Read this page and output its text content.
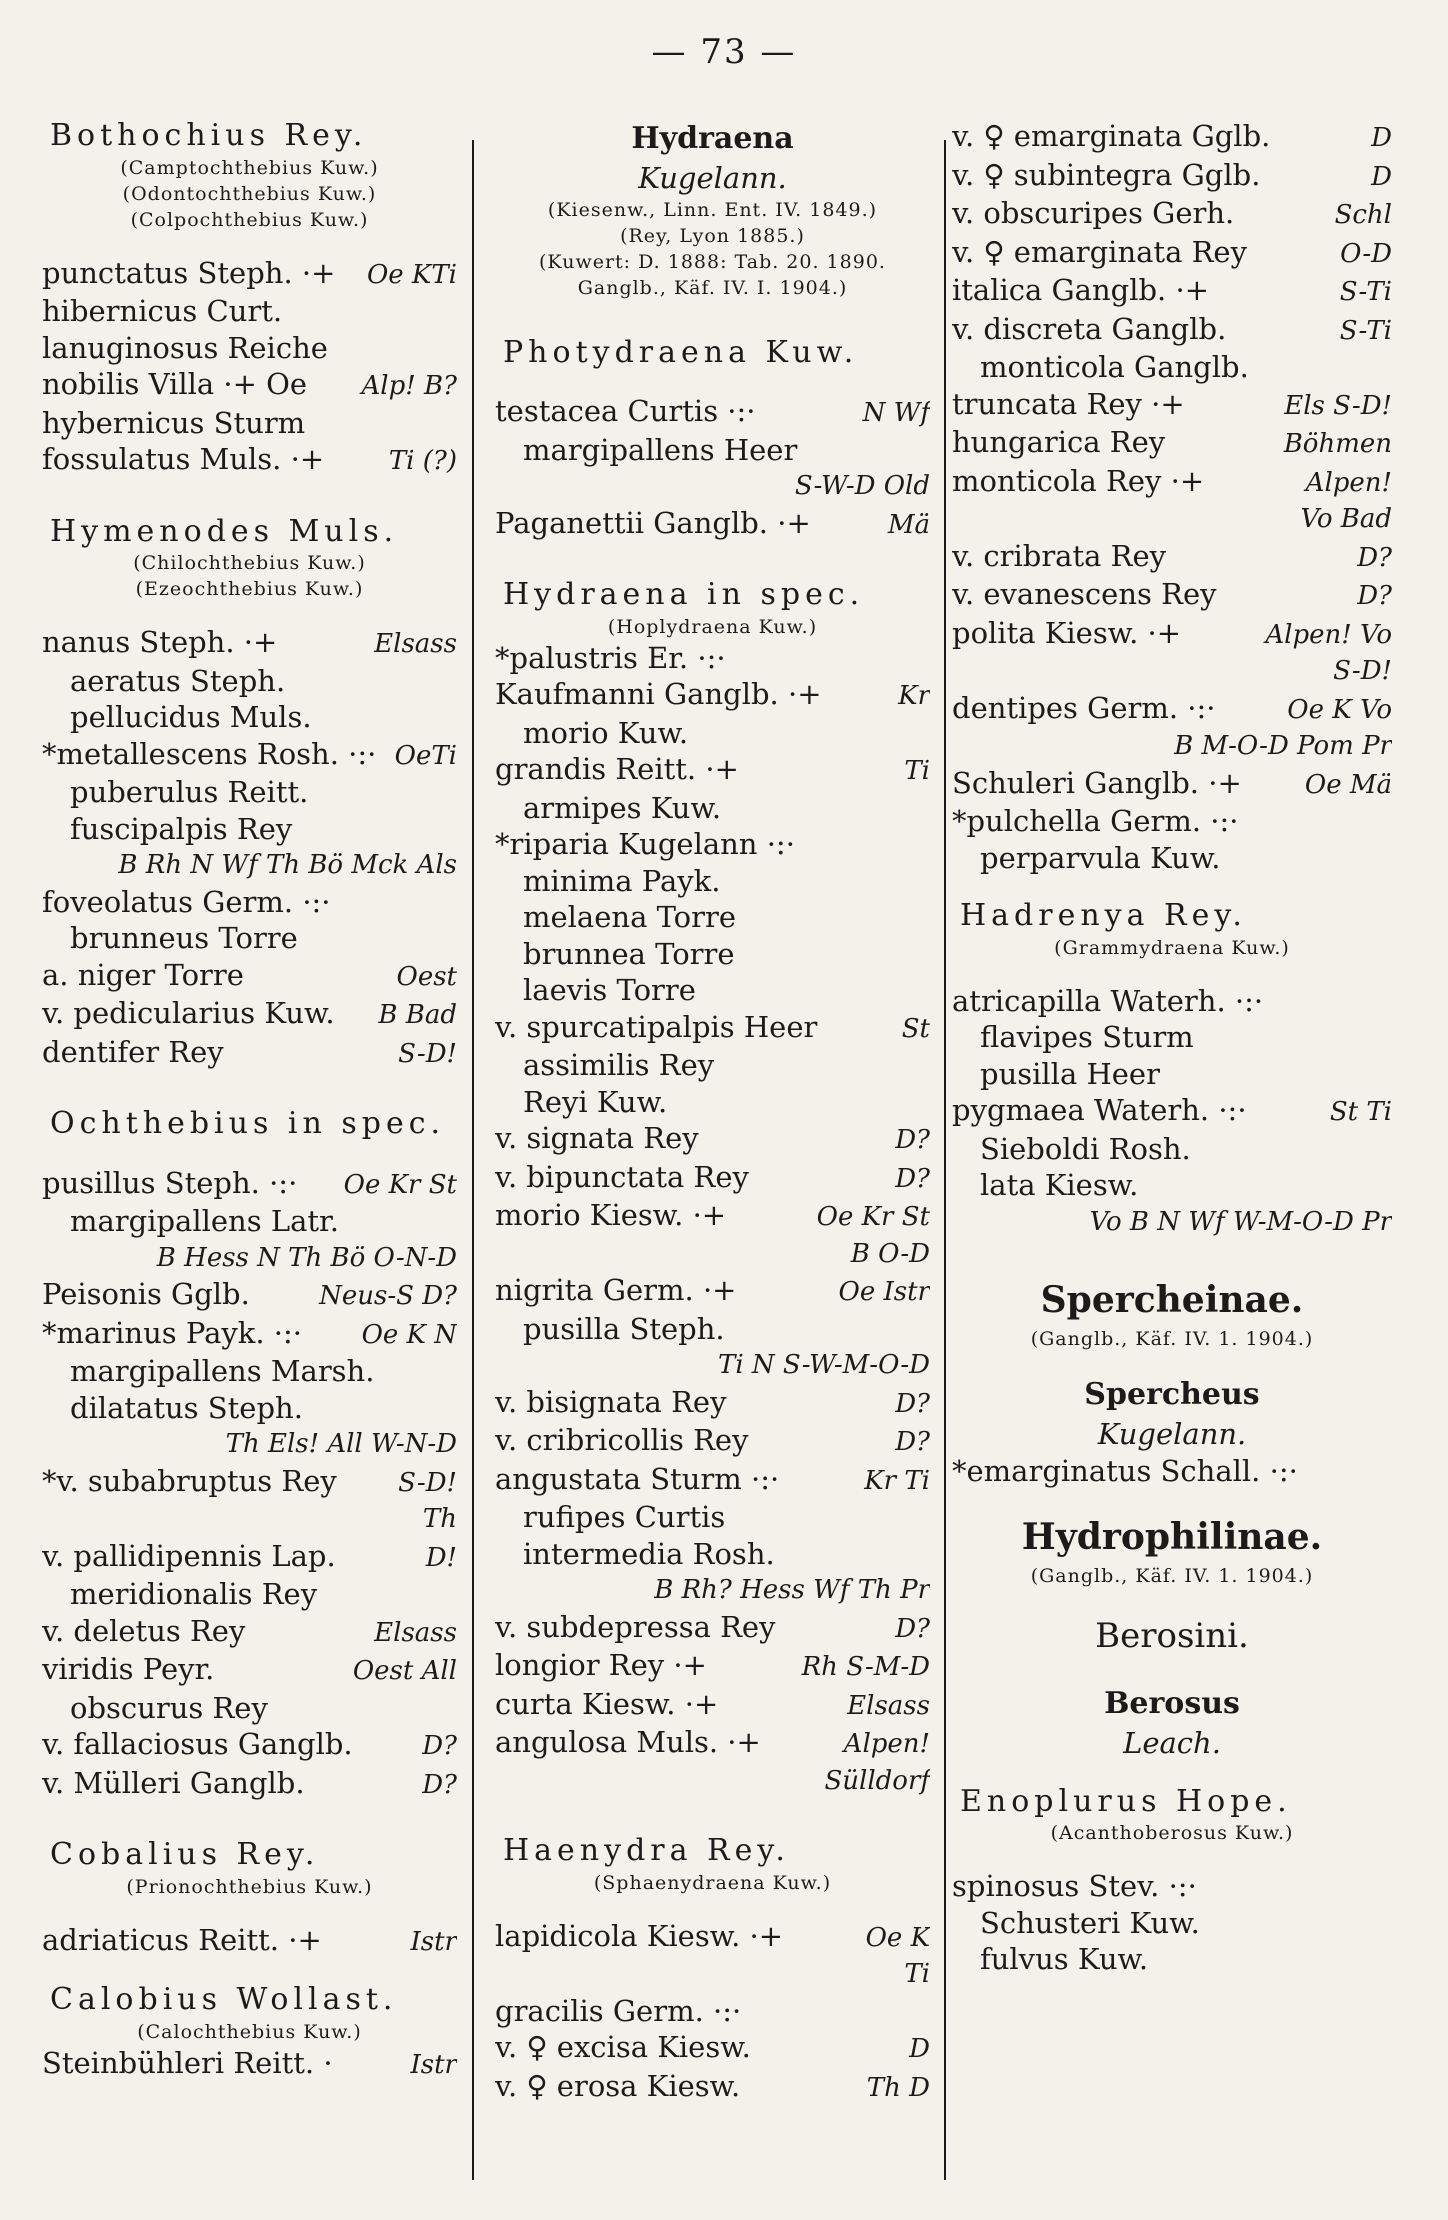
— 73 —
Bothochius Rey.
(Camptochthebius Kuw.)
(Odontochthebius Kuw.)
(Colpochthebius Kuw.)
punctatus Steph. ·+	Oe KTi
hibernicus Curt.
lanuginosus Reiche
nobilis Villa ·+ Oe	Alp! B?
hybernicus Sturm
fossulatus Muls. ·+	Ti (?)
Hymenodes Muls.
(Chilochthebius Kuw.)
(Ezeochthebius Kuw.)
nanus Steph. ·+	Elsass
aeratus Steph.
pellucidus Muls.
*metallescens Rosh. ·:· OeTi
puberulus Reitt.
fuscipalpis Rey
B Rh N Wf Th Bö Mck Als
foveolatus Germ. ·:·
brunneus Torre
a. niger Torre	Oest
v. pedicularius Kuw.	B Bad
dentifer Rey	S-D!
Ochthebius in spec.
pusillus Steph. ·:·	Oe Kr St
margipallens Latr.
B Hess N Th Bö O-N-D
Peisonis Gglb.	Neus-S D?
*marinus Payk. ·:·	Oe K N
margipallens Marsh.
dilatatus Steph.
Th Els! All W-N-D
*v. subabruptus Rey	S-D!
Th
v. pallidipennis Lap.	D!
meridionalis Rey
v. deletus Rey	Elsass
viridis Peyr.	Oest All
obscurus Rey
v. fallaciosus Ganglb.	D?
v. Mülleri Ganglb.	D?
Cobalius Rey.
(Prionochthebius Kuw.)
adriaticus Reitt. ·+	Istr
Calobius Wollast.
(Calochthebius Kuw.)
Steinbühleri Reitt. ·	Istr
Hydraena
Kugelann.
(Kiesenw., Linn. Ent. IV. 1849.)
(Rey, Lyon 1885.)
(Kuwert: D. 1888: Tab. 20. 1890.
Ganglb., Käf. IV. I. 1904.)
Photydraena Kuw.
testacea Curtis ·:·	N Wf
margipallens Heer
S-W-D Old
Paganettii Ganglb. ·+	Mä
Hydraena in spec.
(Hoplydraena Kuw.)
*palustris Er. ·:·
Kaufmanni Ganglb. ·+	Kr
morio Kuw.
grandis Reitt. ·+	Ti
armipes Kuw.
*riparia Kugelann ·:·
minima Payk.
melaena Torre
brunnea Torre
laevis Torre
v. spurcatipalpis Heer	St
assimilis Rey
Reyi Kuw.
v. signata Rey	D?
v. bipunctata Rey	D?
morio Kiesw. ·+	Oe Kr St
B O-D
nigrita Germ. ·+	Oe Istr
pusilla Steph.
Ti N S-W-M-O-D
v. bisignata Rey	D?
v. cribricollis Rey	D?
angustata Sturm ·:·	Kr Ti
rufipes Curtis
intermedia Rosh.
B Rh? Hess Wf Th Pr
v. subdepressa Rey	D?
longior Rey ·+	Rh S-M-D
curta Kiesw. ·+	Elsass
angulosa Muls. ·+	Alpen!
Sülldorf
Haenydra Rey.
(Sphaenydraena Kuw.)
lapidicola Kiesw. ·+	Oe K
Ti
gracilis Germ. ·:·
v. ♀ excisa Kiesw.	D
v. ♀ erosa Kiesw.	Th D
v. ♀ emarginata Gglb.	D
v. ♀ subintegra Gglb.	D
v. obscuripes Gerh.	Schl
v. ♀ emarginata Rey	O-D
italica Ganglb. ·+	S-Ti
v. discreta Ganglb.	S-Ti
monticola Ganglb.
truncata Rey ·+	Els S-D!
hungarica Rey	Böhmen
monticola Rey ·+	Alpen!
Vo Bad
v. cribrata Rey	D?
v. evanescens Rey	D?
polita Kiesw. ·+	Alpen! Vo
S-D!
dentipes Germ. ·:·	Oe K Vo
B M-O-D Pom Pr
Schuleri Ganglb. ·+	Oe Mä
*pulchella Germ. ·:·
perparvula Kuw.
Hadrenya Rey.
(Grammydraena Kuw.)
atricapilla Waterh. ·:·
flavipes Sturm
pusilla Heer
pygmaea Waterh. ·:·	St Ti
Sieboldi Rosh.
lata Kiesw.
Vo B N Wf W-M-O-D Pr
Spercheinae.
(Ganglb., Käf. IV. 1. 1904.)
Spercheus
Kugelann.
*emarginatus Schall. ·:·
Hydrophilinae.
(Ganglb., Käf. IV. 1. 1904.)
Berosini.
Berosus
Leach.
Enoplurus Hope.
(Acanthoberosus Kuw.)
spinosus Stev. ·:·
Schusteri Kuw.
fulvus Kuw.
